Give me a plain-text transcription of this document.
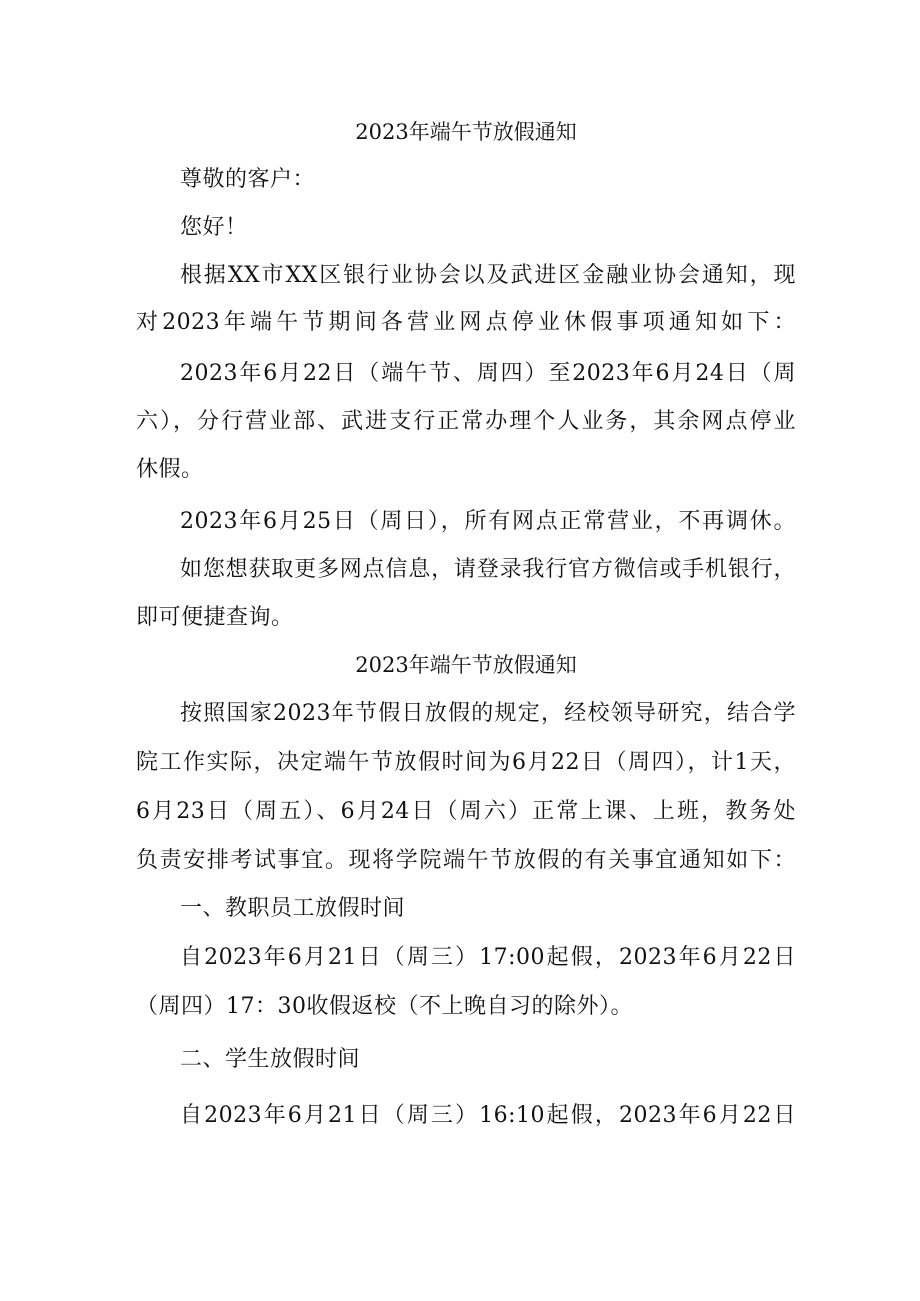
2023年端午节放假通知
尊敬的客户：
您好！
根据XX市XX区银行业协会以及武进区金融业协会通知，现
对2023年端午节期间各营业网点停业休假事项通知如下：
2023年6月22日（端午节、周四）至2023年6月24日（周
六），分行营业部、武进支行正常办理个人业务，其余网点停业
休假。
2023年6月25日（周日），所有网点正常营业，不再调休。
如您想获取更多网点信息，请登录我行官方微信或手机银行，
即可便捷查询。
2023年端午节放假通知
按照国家2023年节假日放假的规定，经校领导研究，结合学
院工作实际，决定端午节放假时间为6月22日（周四），计1天，
6月23日（周五）、6月24日（周六）正常上课、上班，教务处
负责安排考试事宜。现将学院端午节放假的有关事宜通知如下：
一、教职员工放假时间
自2023年6月21日（周三）17:00起假，2023年6月22日
（周四）17：30收假返校（不上晚自习的除外）。
二、学生放假时间
自2023年6月21日（周三）16:10起假，2023年6月22日
